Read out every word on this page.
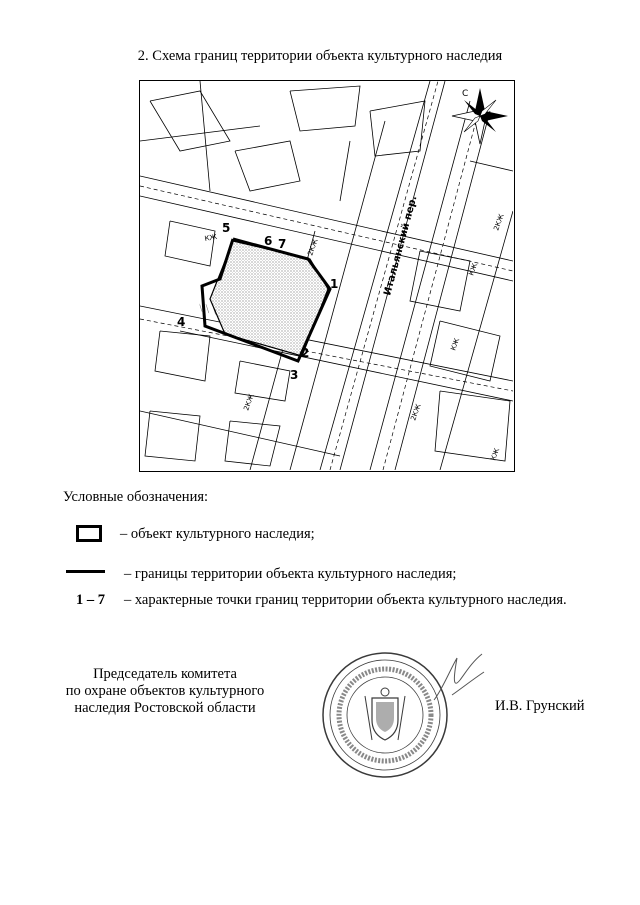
2. Схема границ территории объекта культурного наследия
1
2
3
4
5
6 7	2КЖ
2КЖ
2КЖ
2КЖ
КЖ
КЖ
КЖ
КЖ
Итальянский пер.
С
Условные обозначения:
– объект культурного наследия;
– границы территории объекта культурного наследия;
1 – 7 – характерные точки границ территории объекта культурного наследия.
Председатель комитета
по охране объектов культурного
наследия Ростовской области	И.В. Грунский
